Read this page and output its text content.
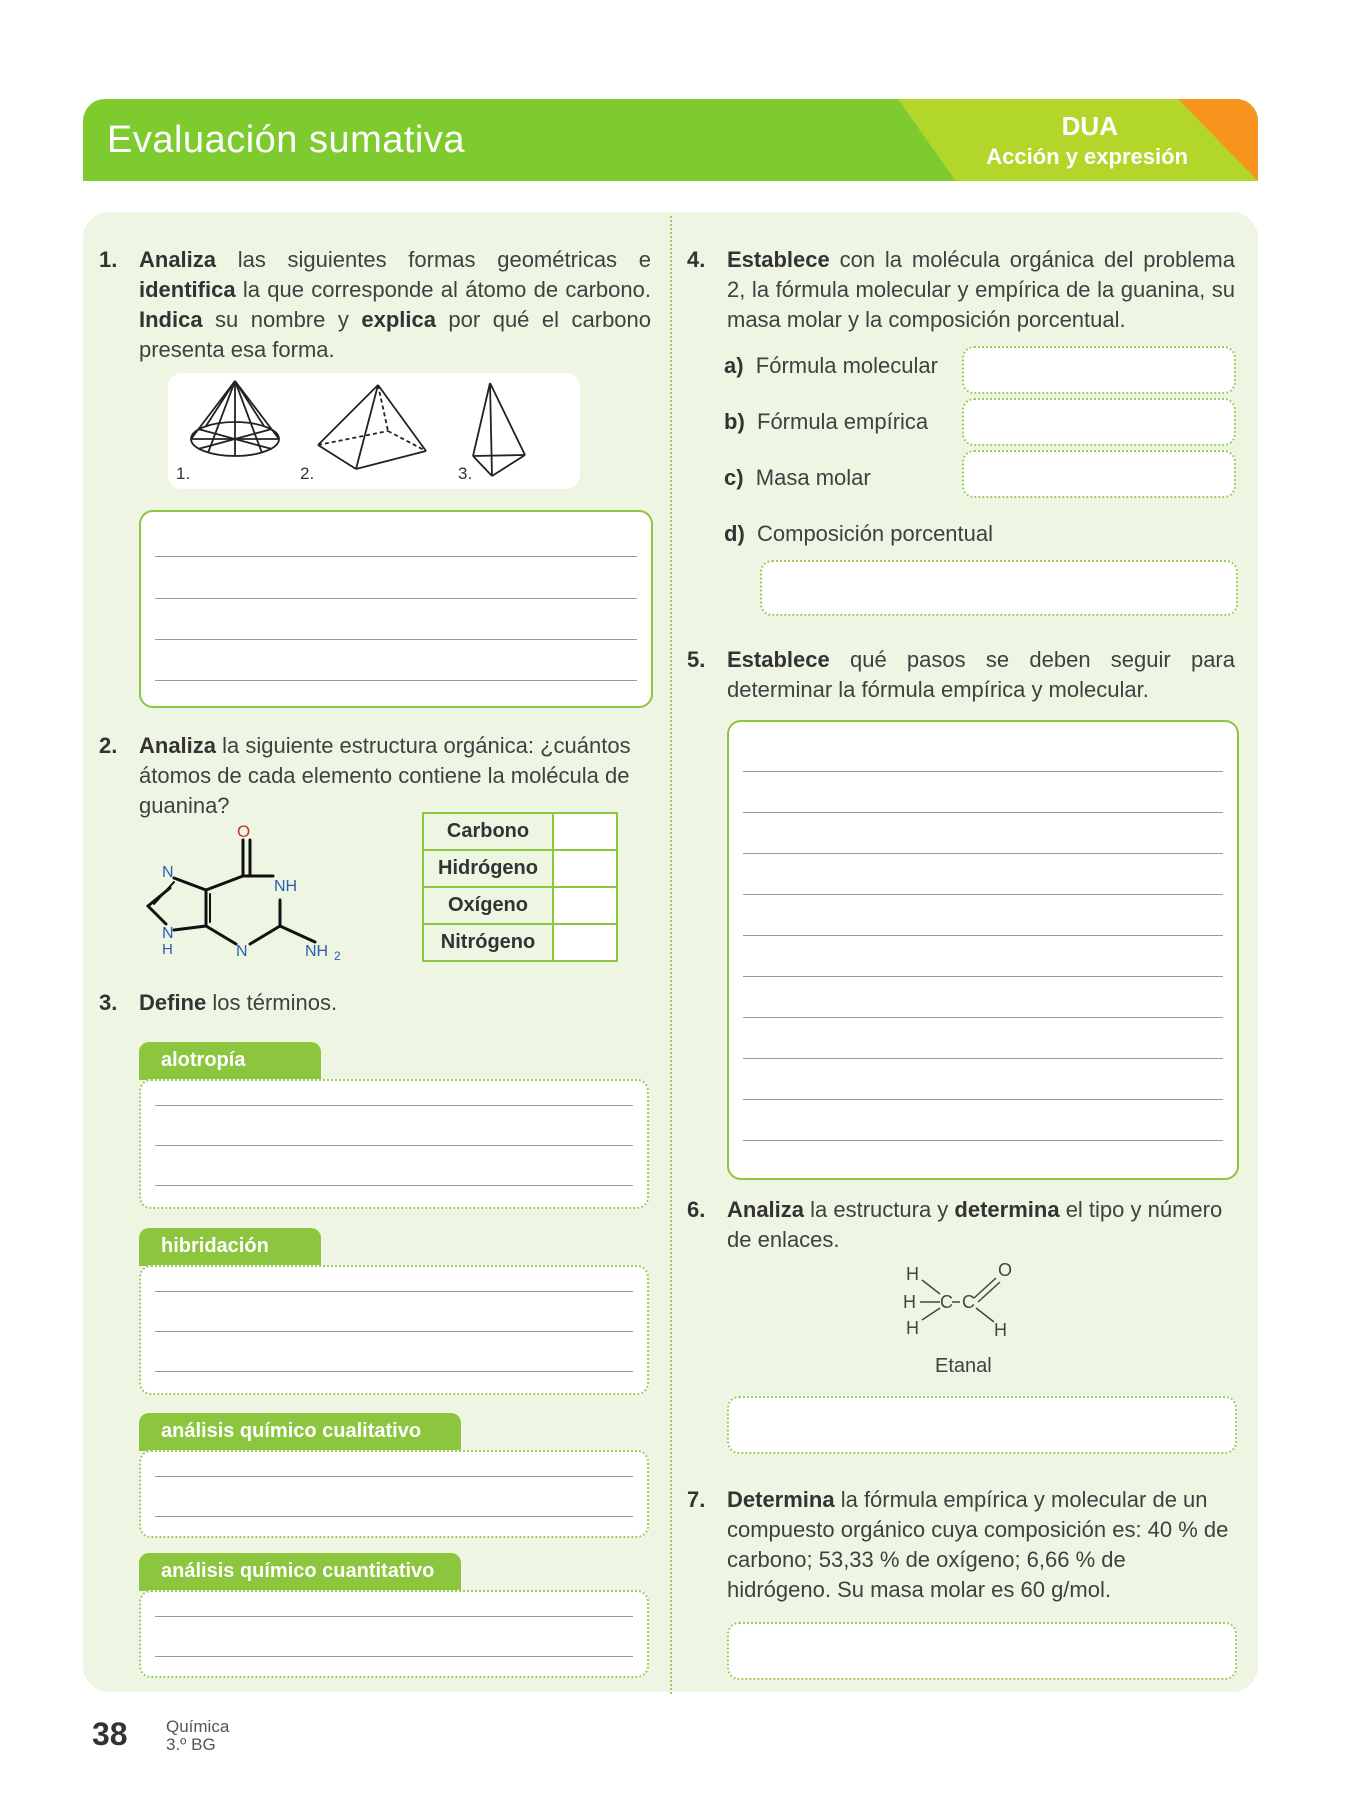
Evaluación sumativa	DUA
Acción y expresión
1. Analiza las siguientes formas geométricas e identifica la que corresponde al átomo de carbono. Indica su nombre y explica por qué el carbono presenta esa forma.
1.	2.	3.
2. Analiza la siguiente estructura orgánica: ¿cuántos átomos de cada elemento contiene la molécula de guanina?
O
N
NH
N
N
H	NH 2
Carbono	
Hidrógeno	
Oxígeno	
Nitrógeno	
3. Define los términos.
alotropía
hibridación
análisis químico cualitativo
análisis químico cuantitativo
4. Establece con la molécula orgánica del problema 2, la fórmula molecular y empírica de la guanina, su masa molar y la composición porcentual.
a) Fórmula molecular
b) Fórmula empírica
c) Masa molar
d) Composición porcentual
5. Establece qué pasos se deben seguir para determinar la fórmula empírica y molecular.
6. Analiza la estructura y determina el tipo y número de enlaces.
H
H
H
C C
O
H
Etanal
7. Determina la fórmula empírica y molecular de un compuesto orgánico cuya composición es: 40 % de carbono; 53,33 % de oxígeno; 6,66 % de hidrógeno. Su masa molar es 60 g/mol.
38 Química
3.º BG
